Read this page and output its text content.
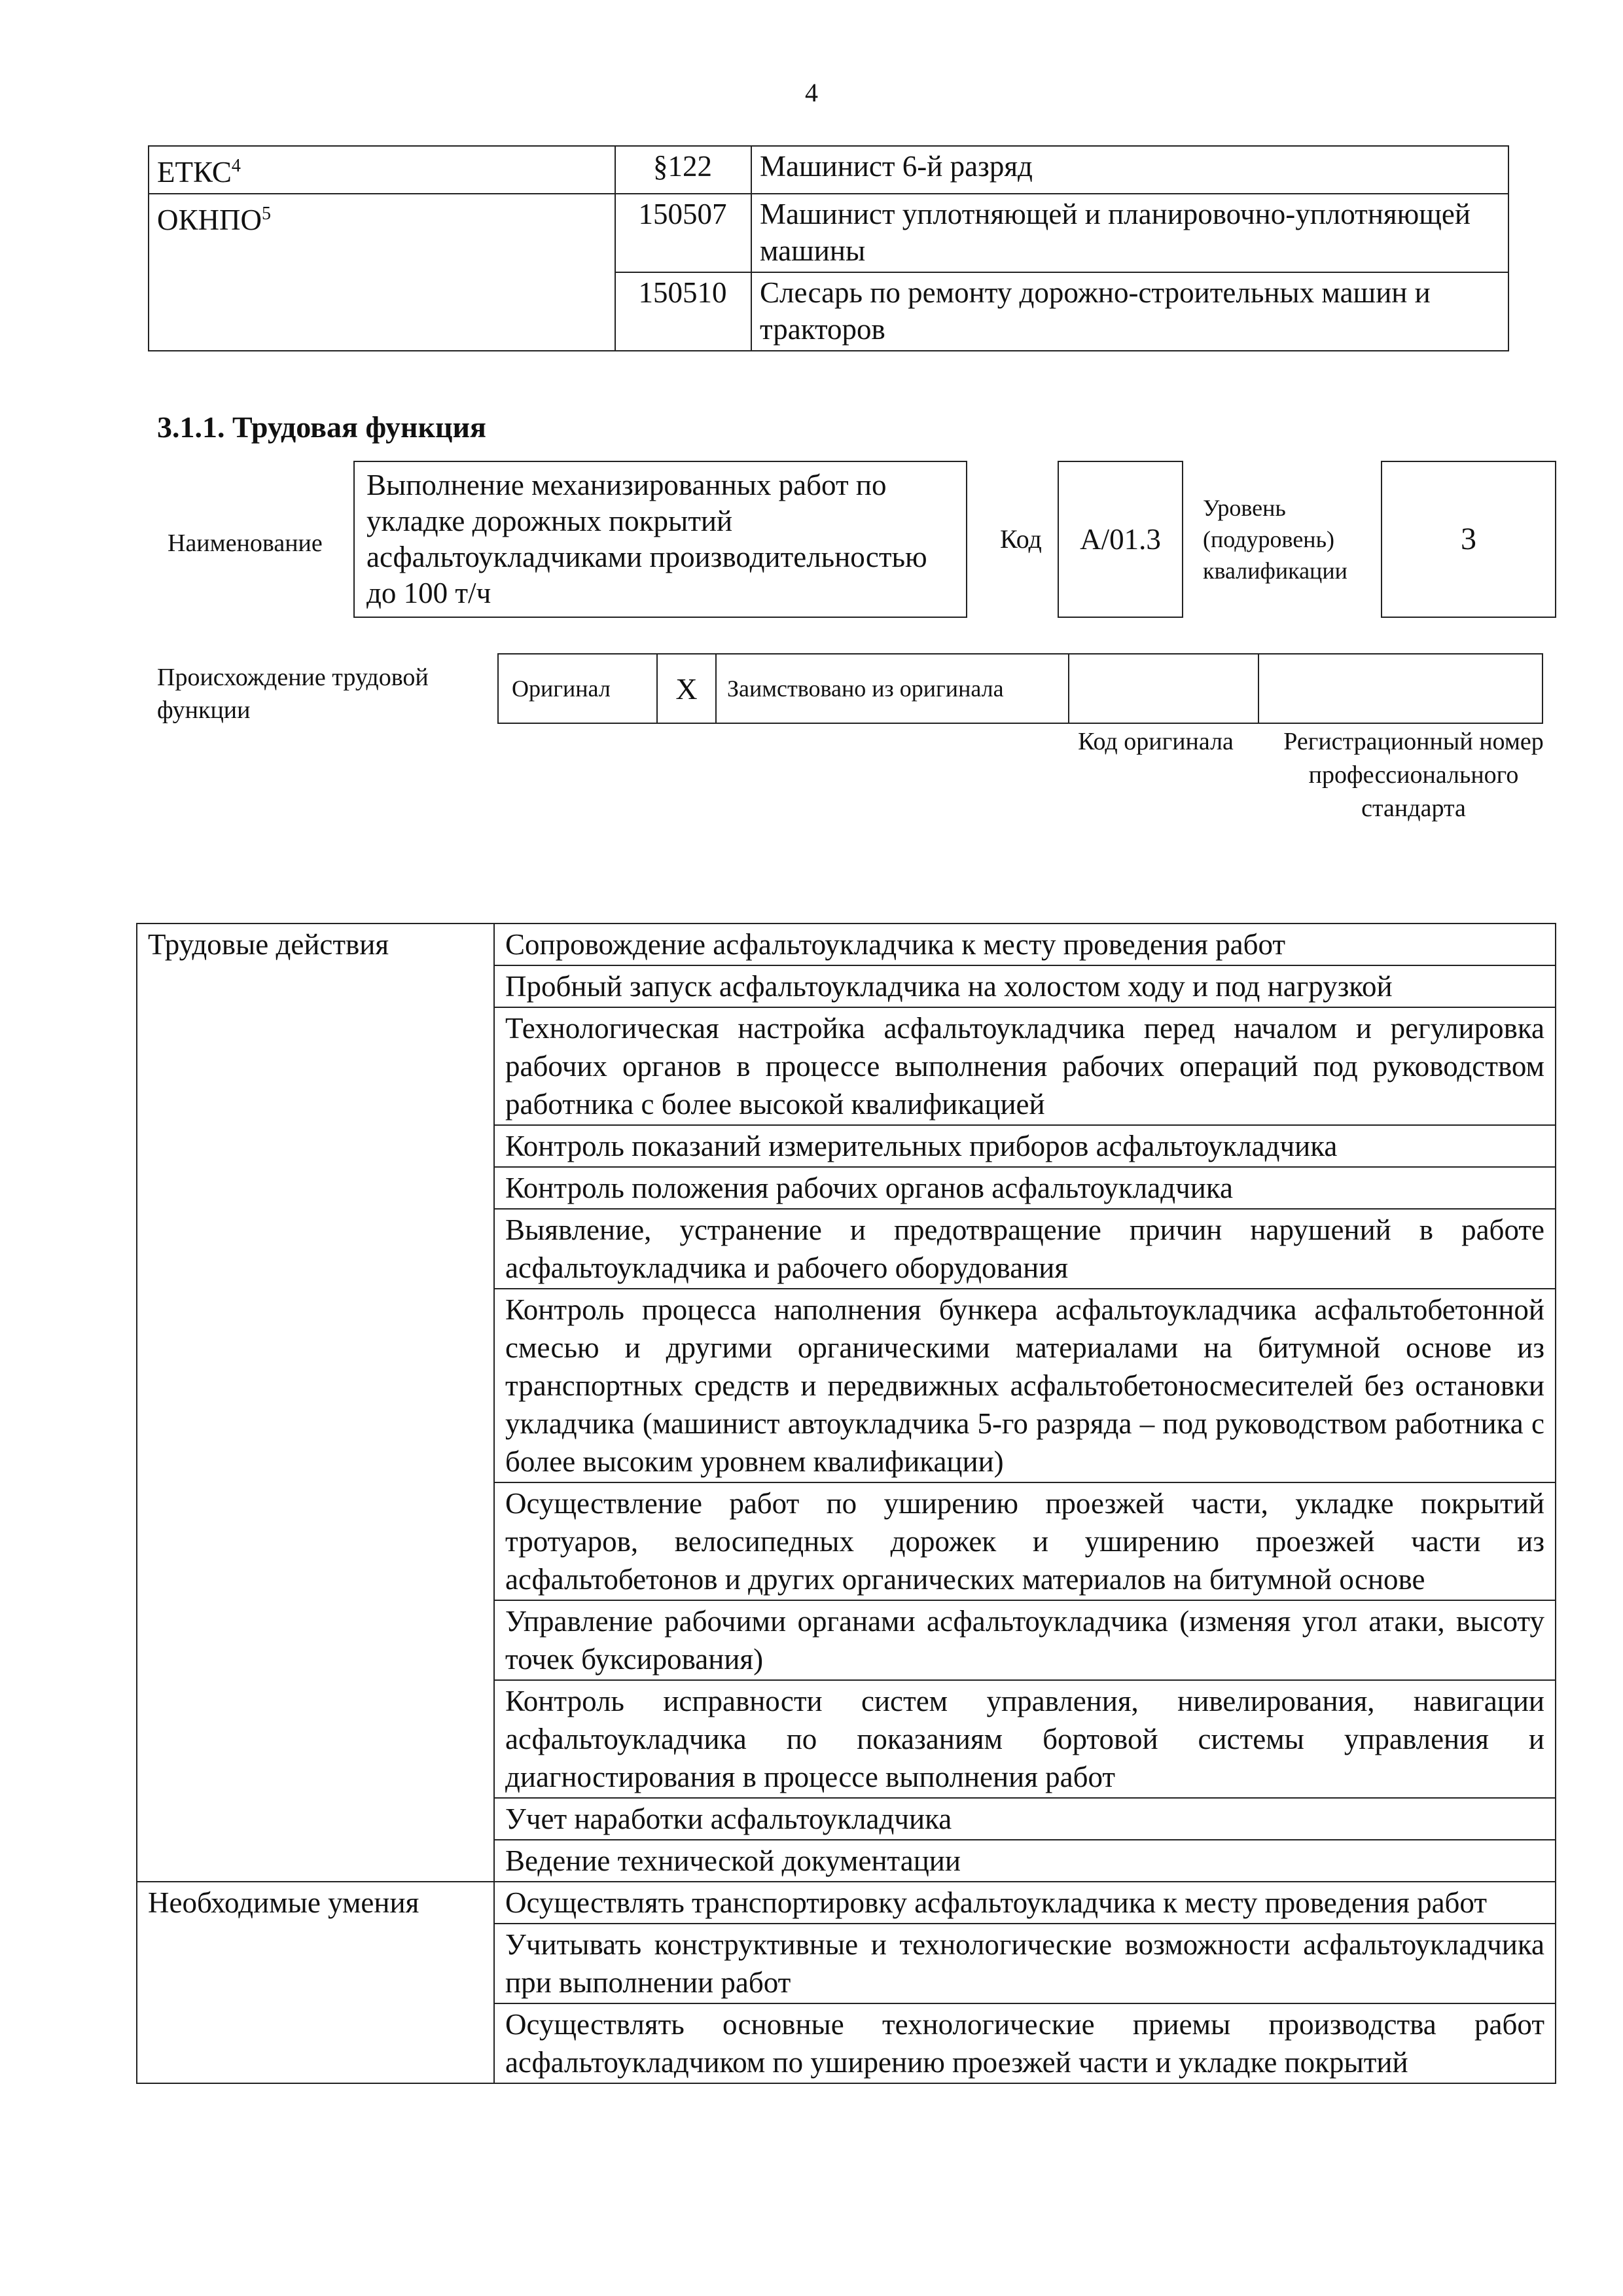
4
ЕТКС$^4$	§122	Машинист 6-й разряд
ОКНПО$^5$	150507	Машинист уплотняющей и планировочно-уплотняющей машины
	150510	Слесарь по ремонту дорожно-строительных машин и тракторов
3.1.1. Трудовая функция
Наименование
Выполнение механизированных работ по укладке дорожных покрытий асфальтоукладчиками производительностью до 100 т/ч
Код	А/01.3
Уровень
(подуровень)
квалификации
3
Происхождение трудовой функции
Оригинал	X	Заимствовано из оригинала		
Код оригинала	Регистрационный номер профессионального стандарта
Трудовые действия	Сопровождение асфальтоукладчика к месту проведения работ
	Пробный запуск асфальтоукладчика на холостом ходу и под нагрузкой
	Технологическая настройка асфальтоукладчика перед началом и регулировка рабочих органов в процессе выполнения рабочих операций под руководством работника с более высокой квалификацией
	Контроль показаний измерительных приборов асфальтоукладчика
	Контроль положения рабочих органов асфальтоукладчика
	Выявление, устранение и предотвращение причин нарушений в работе асфальтоукладчика и рабочего оборудования
	Контроль процесса наполнения бункера асфальтоукладчика асфальтобетонной смесью и другими органическими материалами на битумной основе из транспортных средств и передвижных асфальтобетоносмесителей без остановки укладчика (машинист автоукладчика 5-го разряда – под руководством работника с более высоким уровнем квалификации)
	Осуществление работ по уширению проезжей части, укладке покрытий тротуаров, велосипедных дорожек и уширению проезжей части из асфальтобетонов и других органических материалов на битумной основе
	Управление рабочими органами асфальтоукладчика (изменяя угол атаки, высоту точек буксирования)
	Контроль исправности систем управления, нивелирования, навигации асфальтоукладчика по показаниям бортовой системы управления и диагностирования в процессе выполнения работ
	Учет наработки асфальтоукладчика
	Ведение технической документации
Необходимые умения	Осуществлять транспортировку асфальтоукладчика к месту проведения работ
	Учитывать конструктивные и технологические возможности асфальтоукладчика при выполнении работ
	Осуществлять основные технологические приемы производства работ асфальтоукладчиком по уширению проезжей части и укладке покрытий
